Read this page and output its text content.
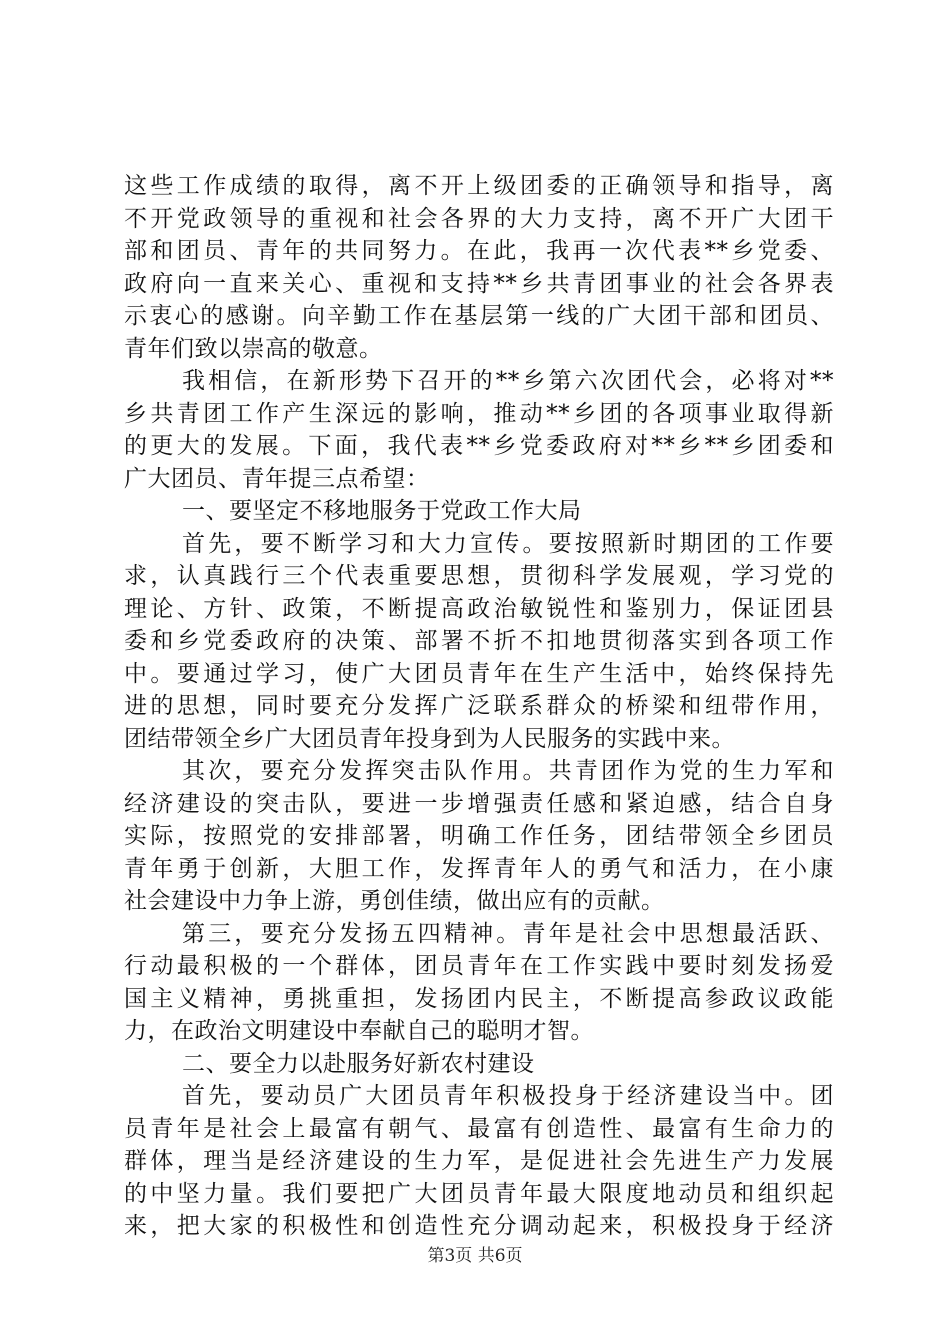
这些工作成绩的取得，离不开上级团委的正确领导和指导，离
不开党政领导的重视和社会各界的大力支持，离不开广大团干
部和团员、青年的共同努力。在此，我再一次代表**乡党委、
政府向一直来关心、重视和支持**乡共青团事业的社会各界表
示衷心的感谢。向辛勤工作在基层第一线的广大团干部和团员、
青年们致以崇高的敬意。
我相信，在新形势下召开的**乡第六次团代会，必将对**
乡共青团工作产生深远的影响，推动**乡团的各项事业取得新
的更大的发展。下面，我代表**乡党委政府对**乡**乡团委和
广大团员、青年提三点希望：
一、要坚定不移地服务于党政工作大局
首先，要不断学习和大力宣传。要按照新时期团的工作要
求，认真践行三个代表重要思想，贯彻科学发展观，学习党的
理论、方针、政策，不断提高政治敏锐性和鉴别力，保证团县
委和乡党委政府的决策、部署不折不扣地贯彻落实到各项工作
中。要通过学习，使广大团员青年在生产生活中，始终保持先
进的思想，同时要充分发挥广泛联系群众的桥梁和纽带作用，
团结带领全乡广大团员青年投身到为人民服务的实践中来。
其次，要充分发挥突击队作用。共青团作为党的生力军和
经济建设的突击队，要进一步增强责任感和紧迫感，结合自身
实际，按照党的安排部署，明确工作任务，团结带领全乡团员
青年勇于创新，大胆工作，发挥青年人的勇气和活力，在小康
社会建设中力争上游，勇创佳绩，做出应有的贡献。
第三，要充分发扬五四精神。青年是社会中思想最活跃、
行动最积极的一个群体，团员青年在工作实践中要时刻发扬爱
国主义精神，勇挑重担，发扬团内民主，不断提高参政议政能
力，在政治文明建设中奉献自己的聪明才智。
二、要全力以赴服务好新农村建设
首先，要动员广大团员青年积极投身于经济建设当中。团
员青年是社会上最富有朝气、最富有创造性、最富有生命力的
群体，理当是经济建设的生力军，是促进社会先进生产力发展
的中坚力量。我们要把广大团员青年最大限度地动员和组织起
来，把大家的积极性和创造性充分调动起来，积极投身于经济
第3页 共6页
